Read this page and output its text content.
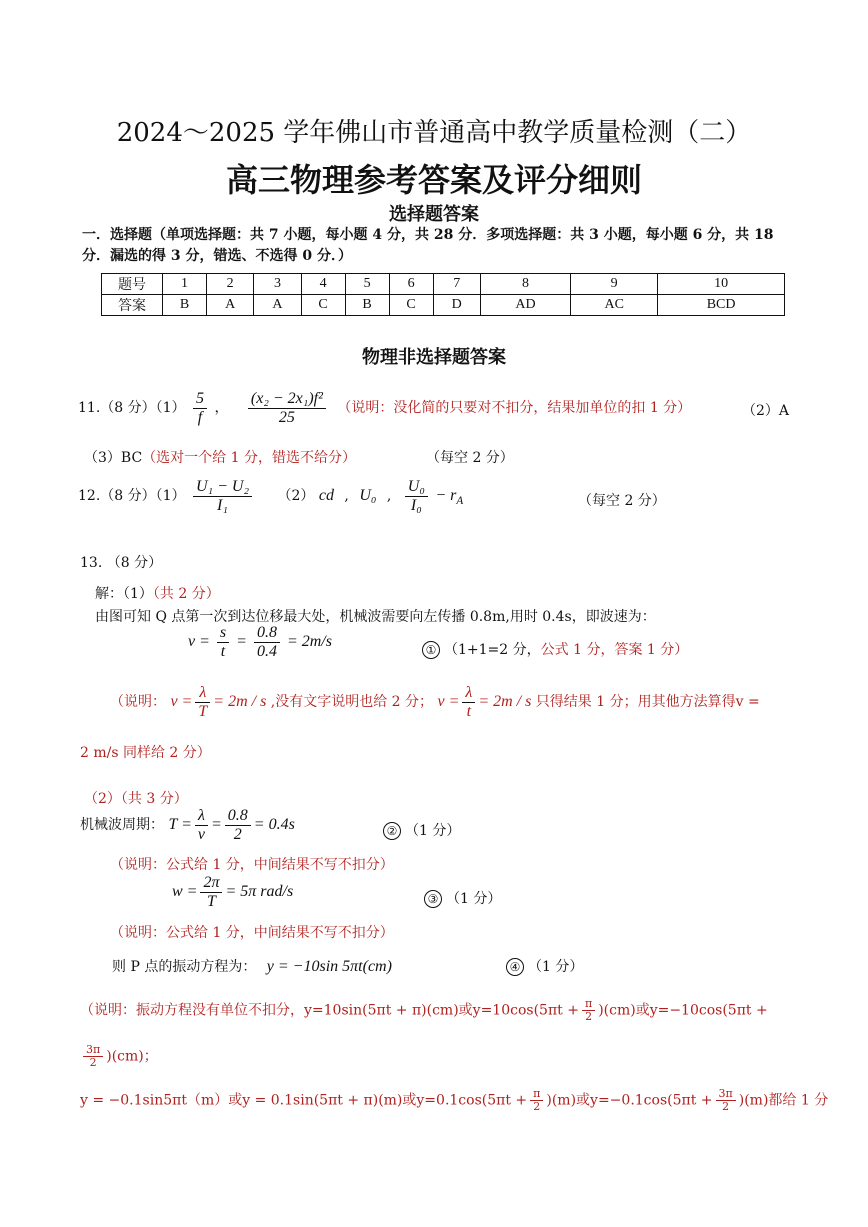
2024～2025 学年佛山市普通高中教学质量检测（二）
高三物理参考答案及评分细则
选择题答案
一．选择题（单项选择题：共 7 小题，每小题 4 分，共 28 分．多项选择题：共 3 小题，每小题 6 分，共 18
分．漏选的得 3 分，错选、不选得 0 分．）
题号	1	2	3	4	5	6	7	8	9	10
答案	B	A	A	C	B	C	D	AD	AC	BCD
物理非选择题答案
11.（8 分）$(1) \frac{5}{f}$ ， $\frac{\text{(x₂ − 2x₁)f²}}{25}$ （说明：没化简的只要对不扣分，结果加单位的扣 1 分）	（2）A
（3）BC（选对一个给 1 分，错选不给分）	（每空 2 分）
12.（8 分）$(1) \frac{\text{U₁ − U₂}}{\text{I₁}} (2)$ cd , U₀ , $\frac{\text{U₀}}{\text{I₀}} - r_A$	（每空 2 分）
13. （8 分）
解：（1）（共 2 分）
由图可知 Q 点第一次到达位移最大处，机械波需要向左传播 0.8m,用时 0.4s，即波速为：
$v = \frac{s}{t} = \frac{0.8}{0.4} = 2m/s$
① （1+1=2 分，公式 1 分，答案 1 分）
（说明： $v = \frac{\lambda}{T} = 2m / s$ ,没有文字说明也给 2 分； $v = \frac{\lambda}{t} = 2m / s$ 只得结果 1 分；用其他方法算得v =
2 m/s 同样给 2 分）
（2）（共 3 分）
机械波周期： $T = \frac{\lambda}{v} = \frac{0.8}{2} = 0.4s$	② （1 分）
（说明：公式给 1 分，中间结果不写不扣分）
$w = \frac{2\pi}{T} = 5\pi$ rad/s	③ （1 分）
（说明：公式给 1 分，中间结果不写不扣分）
则 P 点的振动方程为： y = −10sin 5πt(cm)	④ （1 分）
（说明：振动方程没有单位不扣分，y=10sin(5πt + π)(cm)或$y=10\cos(5\pi t + \frac{\pi}{2} )(cm)$或y=−10cos(5πt +
$\frac{3\pi}{2} )(cm)$；
y = −0.1sin5πt（m）或y = 0.1sin(5πt + π)(m)或$y=0.1\cos(5\pi t + \frac{\pi}{2} )(m)$或$y=-0.1\cos(5\pi t + \frac{3\pi}{2} )(m)$都给 1 分
